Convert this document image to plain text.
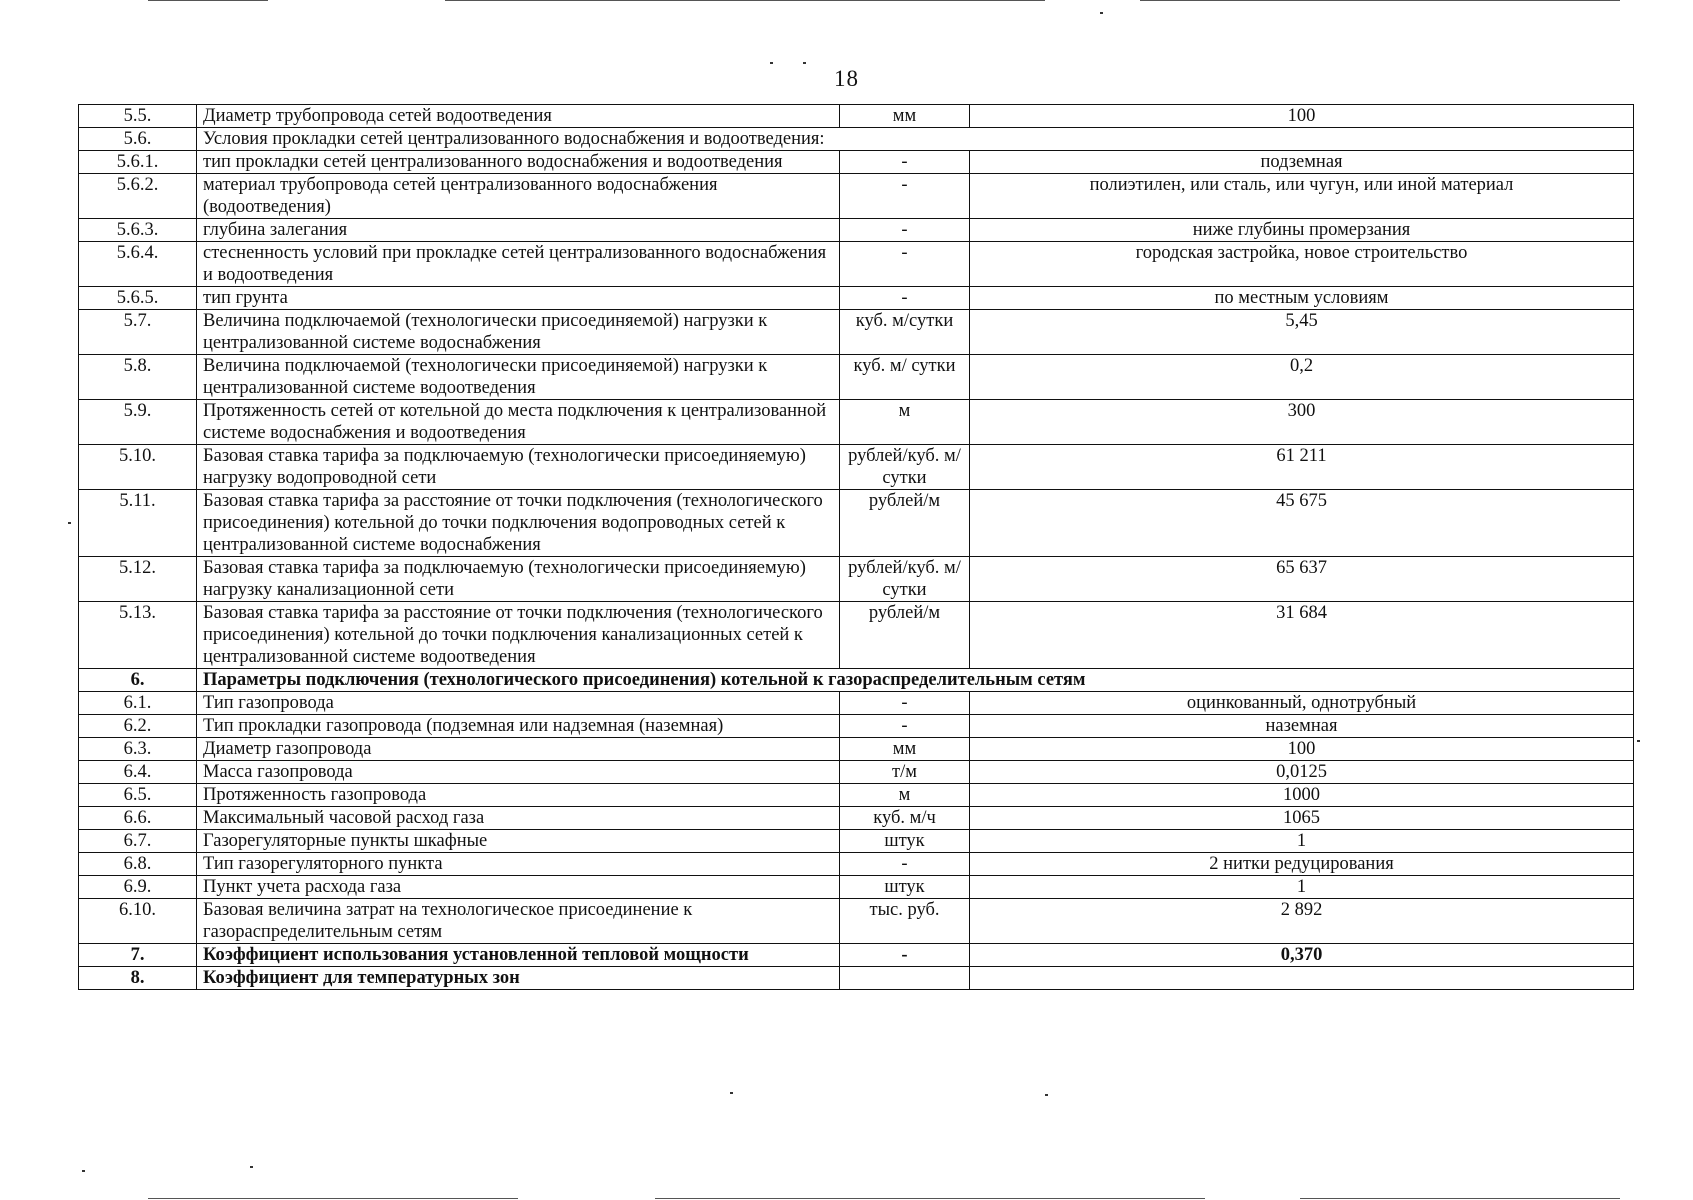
18
5.5.	Диаметр трубопровода сетей водоотведения	мм	100
5.6.	Условия прокладки сетей централизованного водоснабжения и водоотведения:		
5.6.1.	тип прокладки сетей централизованного водоснабжения и водоотведения	-	подземная
5.6.2.	материал трубопровода сетей централизованного водоснабжения (водоотведения)	-	полиэтилен, или сталь, или чугун, или иной материал
5.6.3.	глубина залегания	-	ниже глубины промерзания
5.6.4.	стесненность условий при прокладке сетей централизованного водоснабжения и водоотведения	-	городская застройка, новое строительство
5.6.5.	тип грунта	-	по местным условиям
5.7.	Величина подключаемой (технологически присоединяемой) нагрузки к централизованной системе водоснабжения	куб. м/сутки	5,45
5.8.	Величина подключаемой (технологически присоединяемой) нагрузки к централизованной системе водоотведения	куб. м/ сутки	0,2
5.9.	Протяженность сетей от котельной до места подключения к централизованной системе водоснабжения и водоотведения	м	300
5.10.	Базовая ставка тарифа за подключаемую (технологически присоединяемую) нагрузку водопроводной сети	рублей/куб. м/сутки	61 211
5.11.	Базовая ставка тарифа за расстояние от точки подключения (технологического присоединения) котельной до точки подключения водопроводных сетей к централизованной системе водоснабжения	рублей/м	45 675
5.12.	Базовая ставка тарифа за подключаемую (технологически присоединяемую) нагрузку канализационной сети	рублей/куб. м/сутки	65 637
5.13.	Базовая ставка тарифа за расстояние от точки подключения (технологического присоединения) котельной до точки подключения канализационных сетей к централизованной системе водоотведения	рублей/м	31 684
6.	Параметры подключения (технологического присоединения) котельной к газораспределительным сетям		
6.1.	Тип газопровода	-	оцинкованный, однотрубный
6.2.	Тип прокладки газопровода (подземная или надземная (наземная)	-	наземная
6.3.	Диаметр газопровода	мм	100
6.4.	Масса газопровода	т/м	0,0125
6.5.	Протяженность газопровода	м	1000
6.6.	Максимальный часовой расход газа	куб. м/ч	1065
6.7.	Газорегуляторные пункты шкафные	штук	1
6.8.	Тип газорегуляторного пункта	-	2 нитки редуцирования
6.9.	Пункт учета расхода газа	штук	1
6.10.	Базовая величина затрат на технологическое присоединение к газораспределительным сетям	тыс. руб.	2 892
7.	Коэффициент использования установленной тепловой мощности	-	0,370
8.	Коэффициент для температурных зон		
